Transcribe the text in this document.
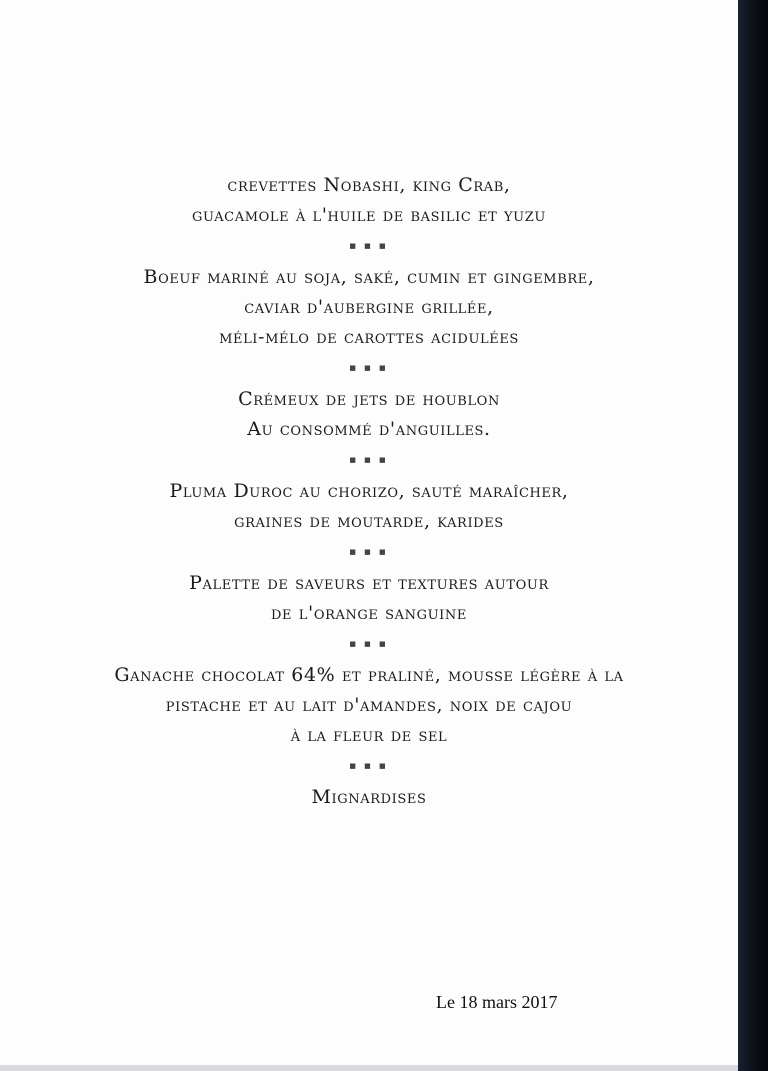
crevettes Nobashi, king Crab,
guacamole à l'huile de basilic et yuzu
■ ■ ■
Boeuf mariné au soja, saké, cumin et gingembre,
caviar d'aubergine grillée,
méli-mélo de carottes acidulées
■ ■ ■
Crémeux de jets de houblon
Au consommé d'anguilles.
■ ■ ■
Pluma Duroc au chorizo, sauté maraîcher,
graines de moutarde, karides
■ ■ ■
Palette de saveurs et textures autour
de l'orange sanguine
■ ■ ■
Ganache chocolat 64% et praliné, mousse légère à la
pistache et au lait d'amandes, noix de cajou
à la fleur de sel
■ ■ ■
Mignardises
Le 18 mars 2017
